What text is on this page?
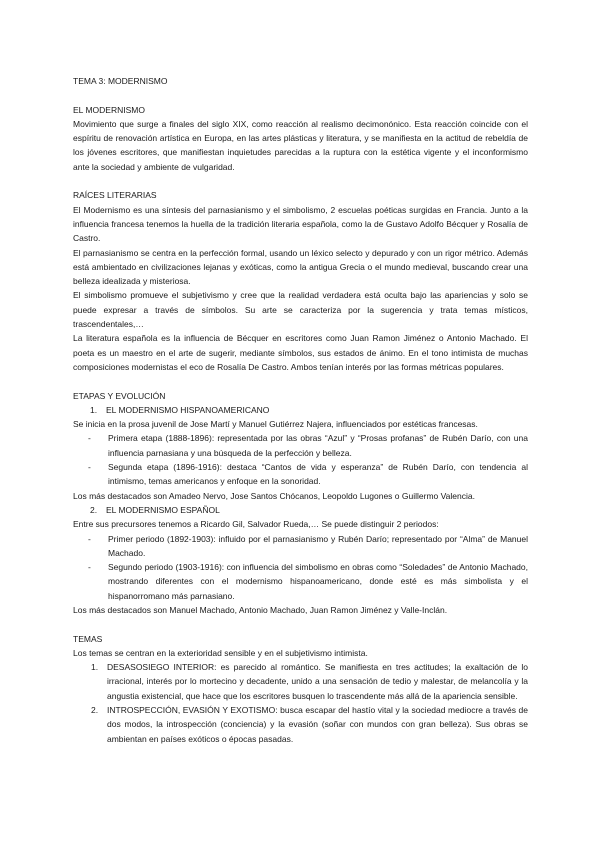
TEMA 3: MODERNISMO
EL MODERNISMO

Movimiento que surge a finales del siglo XIX, como reacción al realismo decimonónico. Esta reacción coincide con el espíritu de renovación artística en Europa, en las artes plásticas y literatura, y se manifiesta en la actitud de rebeldía de los jóvenes escritores, que manifiestan inquietudes parecidas a la ruptura con la estética vigente y el inconformismo ante la sociedad y ambiente de vulgaridad.

RAÍCES LITERARIAS

El Modernismo es una síntesis del parnasianismo y el simbolismo, 2 escuelas poéticas surgidas en Francia. Junto a la influencia francesa tenemos la huella de la tradición literaria española, como la de Gustavo Adolfo Bécquer y Rosalía de Castro.

El parnasianismo se centra en la perfección formal, usando un léxico selecto y depurado y con un rigor métrico. Además está ambientado en civilizaciones lejanas y exóticas, como la antigua Grecia o el mundo medieval, buscando crear una belleza idealizada y misteriosa.

El simbolismo promueve el subjetivismo y cree que la realidad verdadera está oculta bajo las apariencias y solo se puede expresar a través de símbolos. Su arte se caracteriza por la sugerencia y trata temas místicos, trascendentales,…

La literatura española es la influencia de Bécquer en escritores como Juan Ramon Jiménez o Antonio Machado. El poeta es un maestro en el arte de sugerir, mediante símbolos, sus estados de ánimo. En el tono intimista de muchas composiciones modernistas el eco de Rosalía De Castro. Ambos tenían interés por las formas métricas populares.

ETAPAS Y EVOLUCIÓN
1. EL MODERNISMO HISPANOAMERICANO

Se inicia en la prosa juvenil de Jose Martí y Manuel Gutiérrez Najera, influenciados por estéticas francesas.

- Primera etapa (1888-1896): representada por las obras “Azul” y “Prosas profanas” de Rubén Darío, con una influencia parnasiana y una búsqueda de la perfección y belleza.
- Segunda etapa (1896-1916): destaca “Cantos de vida y esperanza” de Rubén Darío, con tendencia al intimismo, temas americanos y enfoque en la sonoridad.

Los más destacados son Amadeo Nervo, Jose Santos Chócanos, Leopoldo Lugones o Guillermo Valencia.

2. EL MODERNISMO ESPAÑOL

Entre sus precursores tenemos a Ricardo Gil, Salvador Rueda,… Se puede distinguir 2 periodos:

- Primer periodo (1892-1903): influido por el parnasianismo y Rubén Darío; representado por “Alma” de Manuel Machado.
- Segundo periodo (1903-1916): con influencia del simbolismo en obras como “Soledades” de Antonio Machado, mostrando diferentes con el modernismo hispanoamericano, donde esté es más simbolista y el hispanorromano más parnasiano.

Los más destacados son Manuel Machado, Antonio Machado, Juan Ramon Jiménez y Valle-Inclán.

TEMAS

Los temas se centran en la exterioridad sensible y en el subjetivismo intimista.

1. DESASOSIEGO INTERIOR: es parecido al romántico. Se manifiesta en tres actitudes; la exaltación de lo irracional, interés por lo mortecino y decadente, unido a una sensación de tedio y malestar, de melancolía y la angustia existencial, que hace que los escritores busquen lo trascendente más allá de la apariencia sensible.
2. INTROSPECCIÓN, EVASIÓN Y EXOTISMO: busca escapar del hastío vital y la sociedad mediocre a través de dos modos, la introspección (conciencia) y la evasión (soñar con mundos con gran belleza). Sus obras se ambientan en países exóticos o épocas pasadas.
